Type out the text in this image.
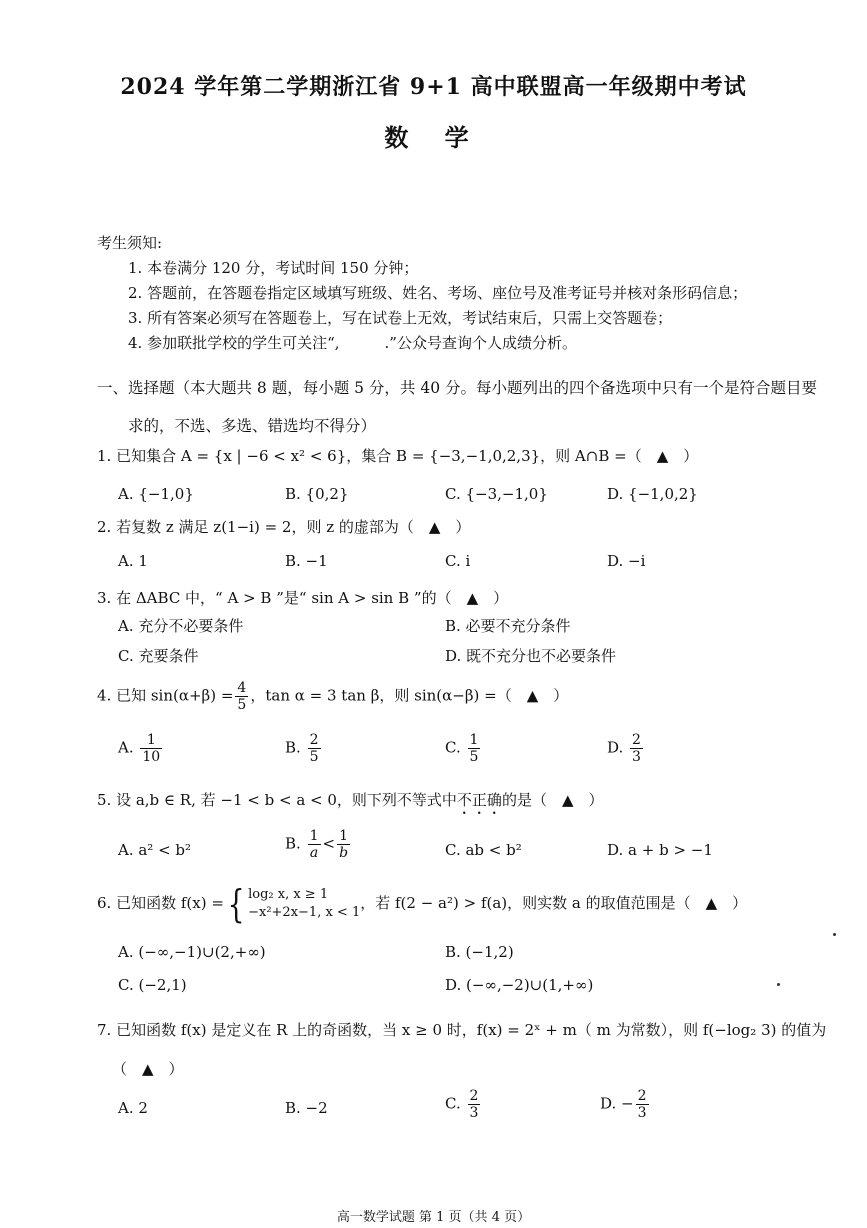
2024 学年第二学期浙江省 9+1 高中联盟高一年级期中考试
数 学
考生须知:
1. 本卷满分 120 分，考试时间 150 分钟；
2. 答题前，在答题卷指定区域填写班级、姓名、考场、座位号及准考证号并核对条形码信息；
3. 所有答案必须写在答题卷上，写在试卷上无效，考试结束后，只需上交答题卷；
4. 参加联批学校的学生可关注“,　　　.”公众号查询个人成绩分析。
一、选择题（本大题共 8 题，每小题 5 分，共 40 分。每小题列出的四个备选项中只有一个是符合题目要
求的，不选、多选、错选均不得分）
1. 已知集合 A = {x | −6 < x² < 6}，集合 B = {−3,−1,0,2,3}，则 A∩B =（　▲　）
A. {−1,0}	B. {0,2}	C. {−3,−1,0}	D. {−1,0,2}
2. 若复数 z 满足 z(1−i) = 2，则 z 的虚部为（　▲　）
A. 1	B. −1	C. i	D. −i
3. 在 ΔABC 中，“ A > B ”是“ sin A > sin B ”的（　▲　）
A. 充分不必要条件	B. 必要不充分条件
C. 充要条件	D. 既不充分也不必要条件
4. 已知 $\sin(\alpha+\beta) = \frac{4}{5}$ ，tan α = 3 tan β，则 sin(α−β) =（　▲　）
A. $\frac{1}{10}$	B. $\frac{2}{5}$	C. $\frac{1}{5}$	D. $\frac{2}{3}$
5. 设 a,b ∈ R, 若 −1 < b < a < 0，则下列不等式中不正确的是（　▲　）
A. a² < b²	B. $\frac{1}{a} < \frac{1}{b}$	C. ab < b²	D. a + b > −1
6. 已知函数 f(x) ={ log₂ x, x ≥ 1
−x²+2x−1, x < 1
，若 f(2 − a²) > f(a)，则实数 a 的取值范围是（　▲　）
A. (−∞,−1)∪(2,+∞)	B. (−1,2)
C. (−2,1)	D. (−∞,−2)∪(1,+∞)
7. 已知函数 f(x) 是定义在 R 上的奇函数，当 x ≥ 0 时，f(x) = 2ˣ + m（ m 为常数），则 f(−log₂ 3) 的值为
（　▲　）
A. 2	B. −2	C. $\frac{2}{3}$	D. − $\frac{2}{3}$
高一数学试题 第 1 页（共 4 页）
